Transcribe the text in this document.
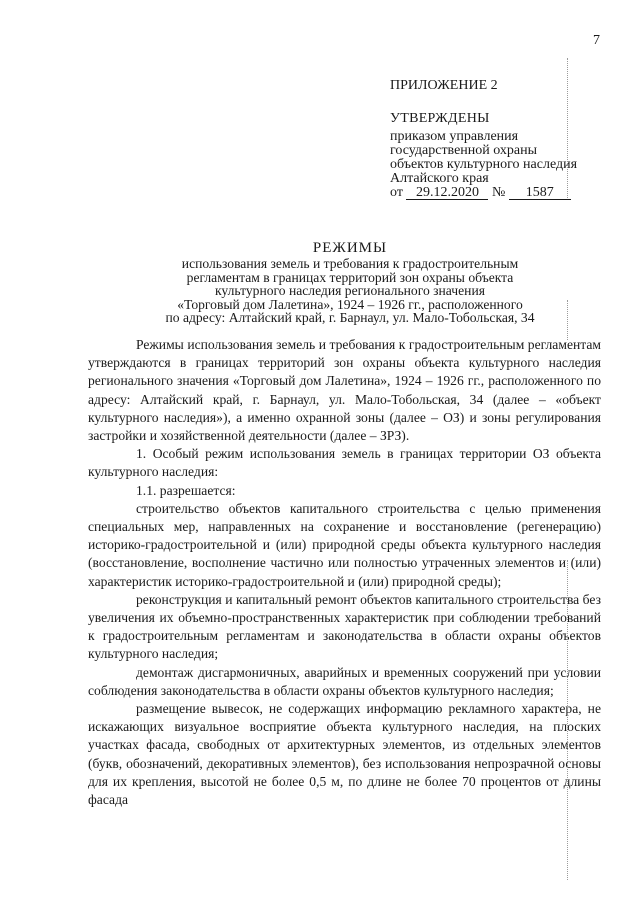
7
ПРИЛОЖЕНИЕ 2
УТВЕРЖДЕНЫ
приказом управления
государственной охраны
объектов культурного наследия
Алтайского края
от 29.12.2020 № 1587
РЕЖИМЫ
использования земель и требования к градостроительным
регламентам в границах территорий зон охраны объекта
культурного наследия регионального значения
«Торговый дом Лалетина», 1924 – 1926 гг., расположенного
по адресу: Алтайский край, г. Барнаул, ул. Мало-Тобольская, 34

Режимы использования земель и требования к градостроительным регламентам утверждаются в границах территорий зон охраны объекта культурного наследия регионального значения «Торговый дом Лалетина», 1924 – 1926 гг., расположенного по адресу: Алтайский край, г. Барнаул, ул. Мало-Тобольская, 34 (далее – «объект культурного наследия»), а именно охранной зоны (далее – ОЗ) и зоны регулирования застройки и хозяйственной деятельности (далее – ЗРЗ).

1. Особый режим использования земель в границах территории ОЗ объекта культурного наследия:

1.1. разрешается:

строительство объектов капитального строительства с целью применения специальных мер, направленных на сохранение и восстановление (регенерацию) историко-градостроительной и (или) природной среды объекта культурного наследия (восстановление, восполнение частично или полностью утраченных элементов и (или) характеристик историко-градостроительной и (или) природной среды);

реконструкция и капитальный ремонт объектов капитального строительства без увеличения их объемно-пространственных характеристик при соблюдении требований к градостроительным регламентам и законодательства в области охраны объектов культурного наследия;

демонтаж дисгармоничных, аварийных и временных сооружений при условии соблюдения законодательства в области охраны объектов культурного наследия;

размещение вывесок, не содержащих информацию рекламного характера, не искажающих визуальное восприятие объекта культурного наследия, на плоских участках фасада, свободных от архитектурных элементов, из отдельных элементов (букв, обозначений, декоративных элементов), без использования непрозрачной основы для их крепления, высотой не более 0,5 м, по длине не более 70 процентов от длины фасада
